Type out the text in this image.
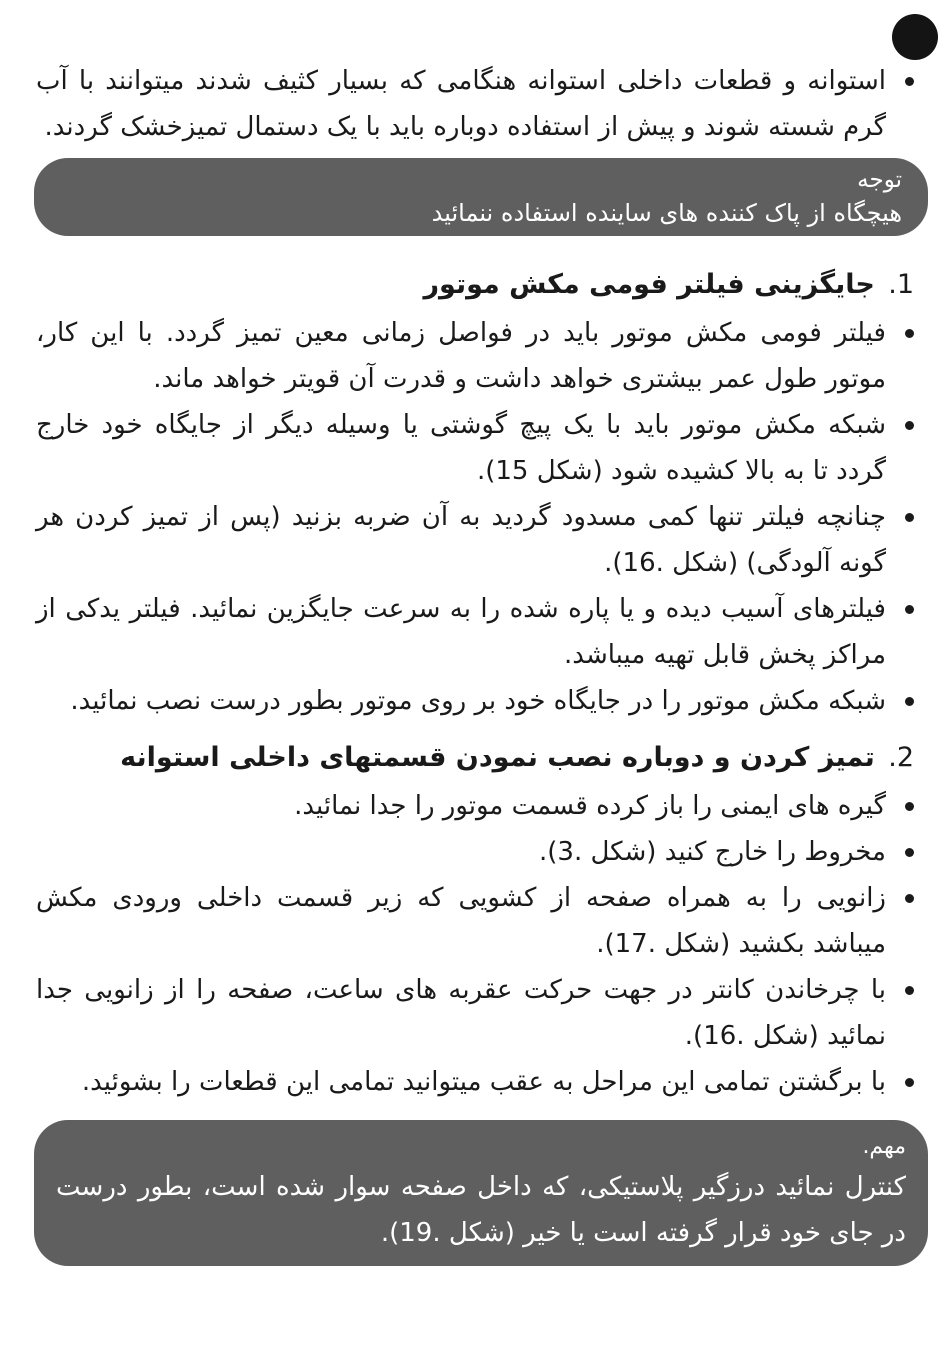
استوانه و قطعات داخلی استوانه هنگامی که بسیار کثیف شدند میتوانند با آب گرم شسته شوند و پیش از استفاده دوباره باید با یک دستمال تمیزخشک گردند.
توجه
هیچگاه از پاک کننده های ساینده استفاده ننمائید
1. جایگزینی فیلتر فومی مکش موتور
فیلتر فومی مکش موتور باید در فواصل زمانی معین تمیز گردد. با این کار، موتور طول عمر بیشتری خواهد داشت و قدرت آن قویتر خواهد ماند.
شبکه مکش موتور باید با یک پیچ گوشتی یا وسیله دیگر از جایگاه خود خارج گردد تا به بالا کشیده شود (شکل 15).
چنانچه فیلتر تنها کمی مسدود گردید به آن ضربه بزنید (پس از تمیز کردن هر گونه آلودگی) (شکل .16).
فیلترهای آسیب دیده و یا پاره شده را به سرعت جایگزین نمائید. فیلتر یدکی از مراکز پخش قابل تهیه میباشد.
شبکه مکش موتور را در جایگاه خود بر روی موتور بطور درست نصب نمائید.
2. تمیز کردن و دوباره نصب نمودن قسمتهای داخلی استوانه
گیره های ایمنی را باز کرده قسمت موتور را جدا نمائید.
مخروط را خارج کنید (شکل .3).
زانویی را به همراه صفحه از کشویی که زیر قسمت داخلی ورودی مکش میباشد بکشید (شکل .17).
با چرخاندن کانتر در جهت حرکت عقربه های ساعت، صفحه را از زانویی جدا نمائید (شکل .16).
با برگشتن تمامی این مراحل به عقب میتوانید تمامی این قطعات را بشوئید.
مهم.
کنترل نمائید درزگیر پلاستیکی، که داخل صفحه سوار شده است، بطور درست در جای خود قرار گرفته است یا خیر (شکل .19).
